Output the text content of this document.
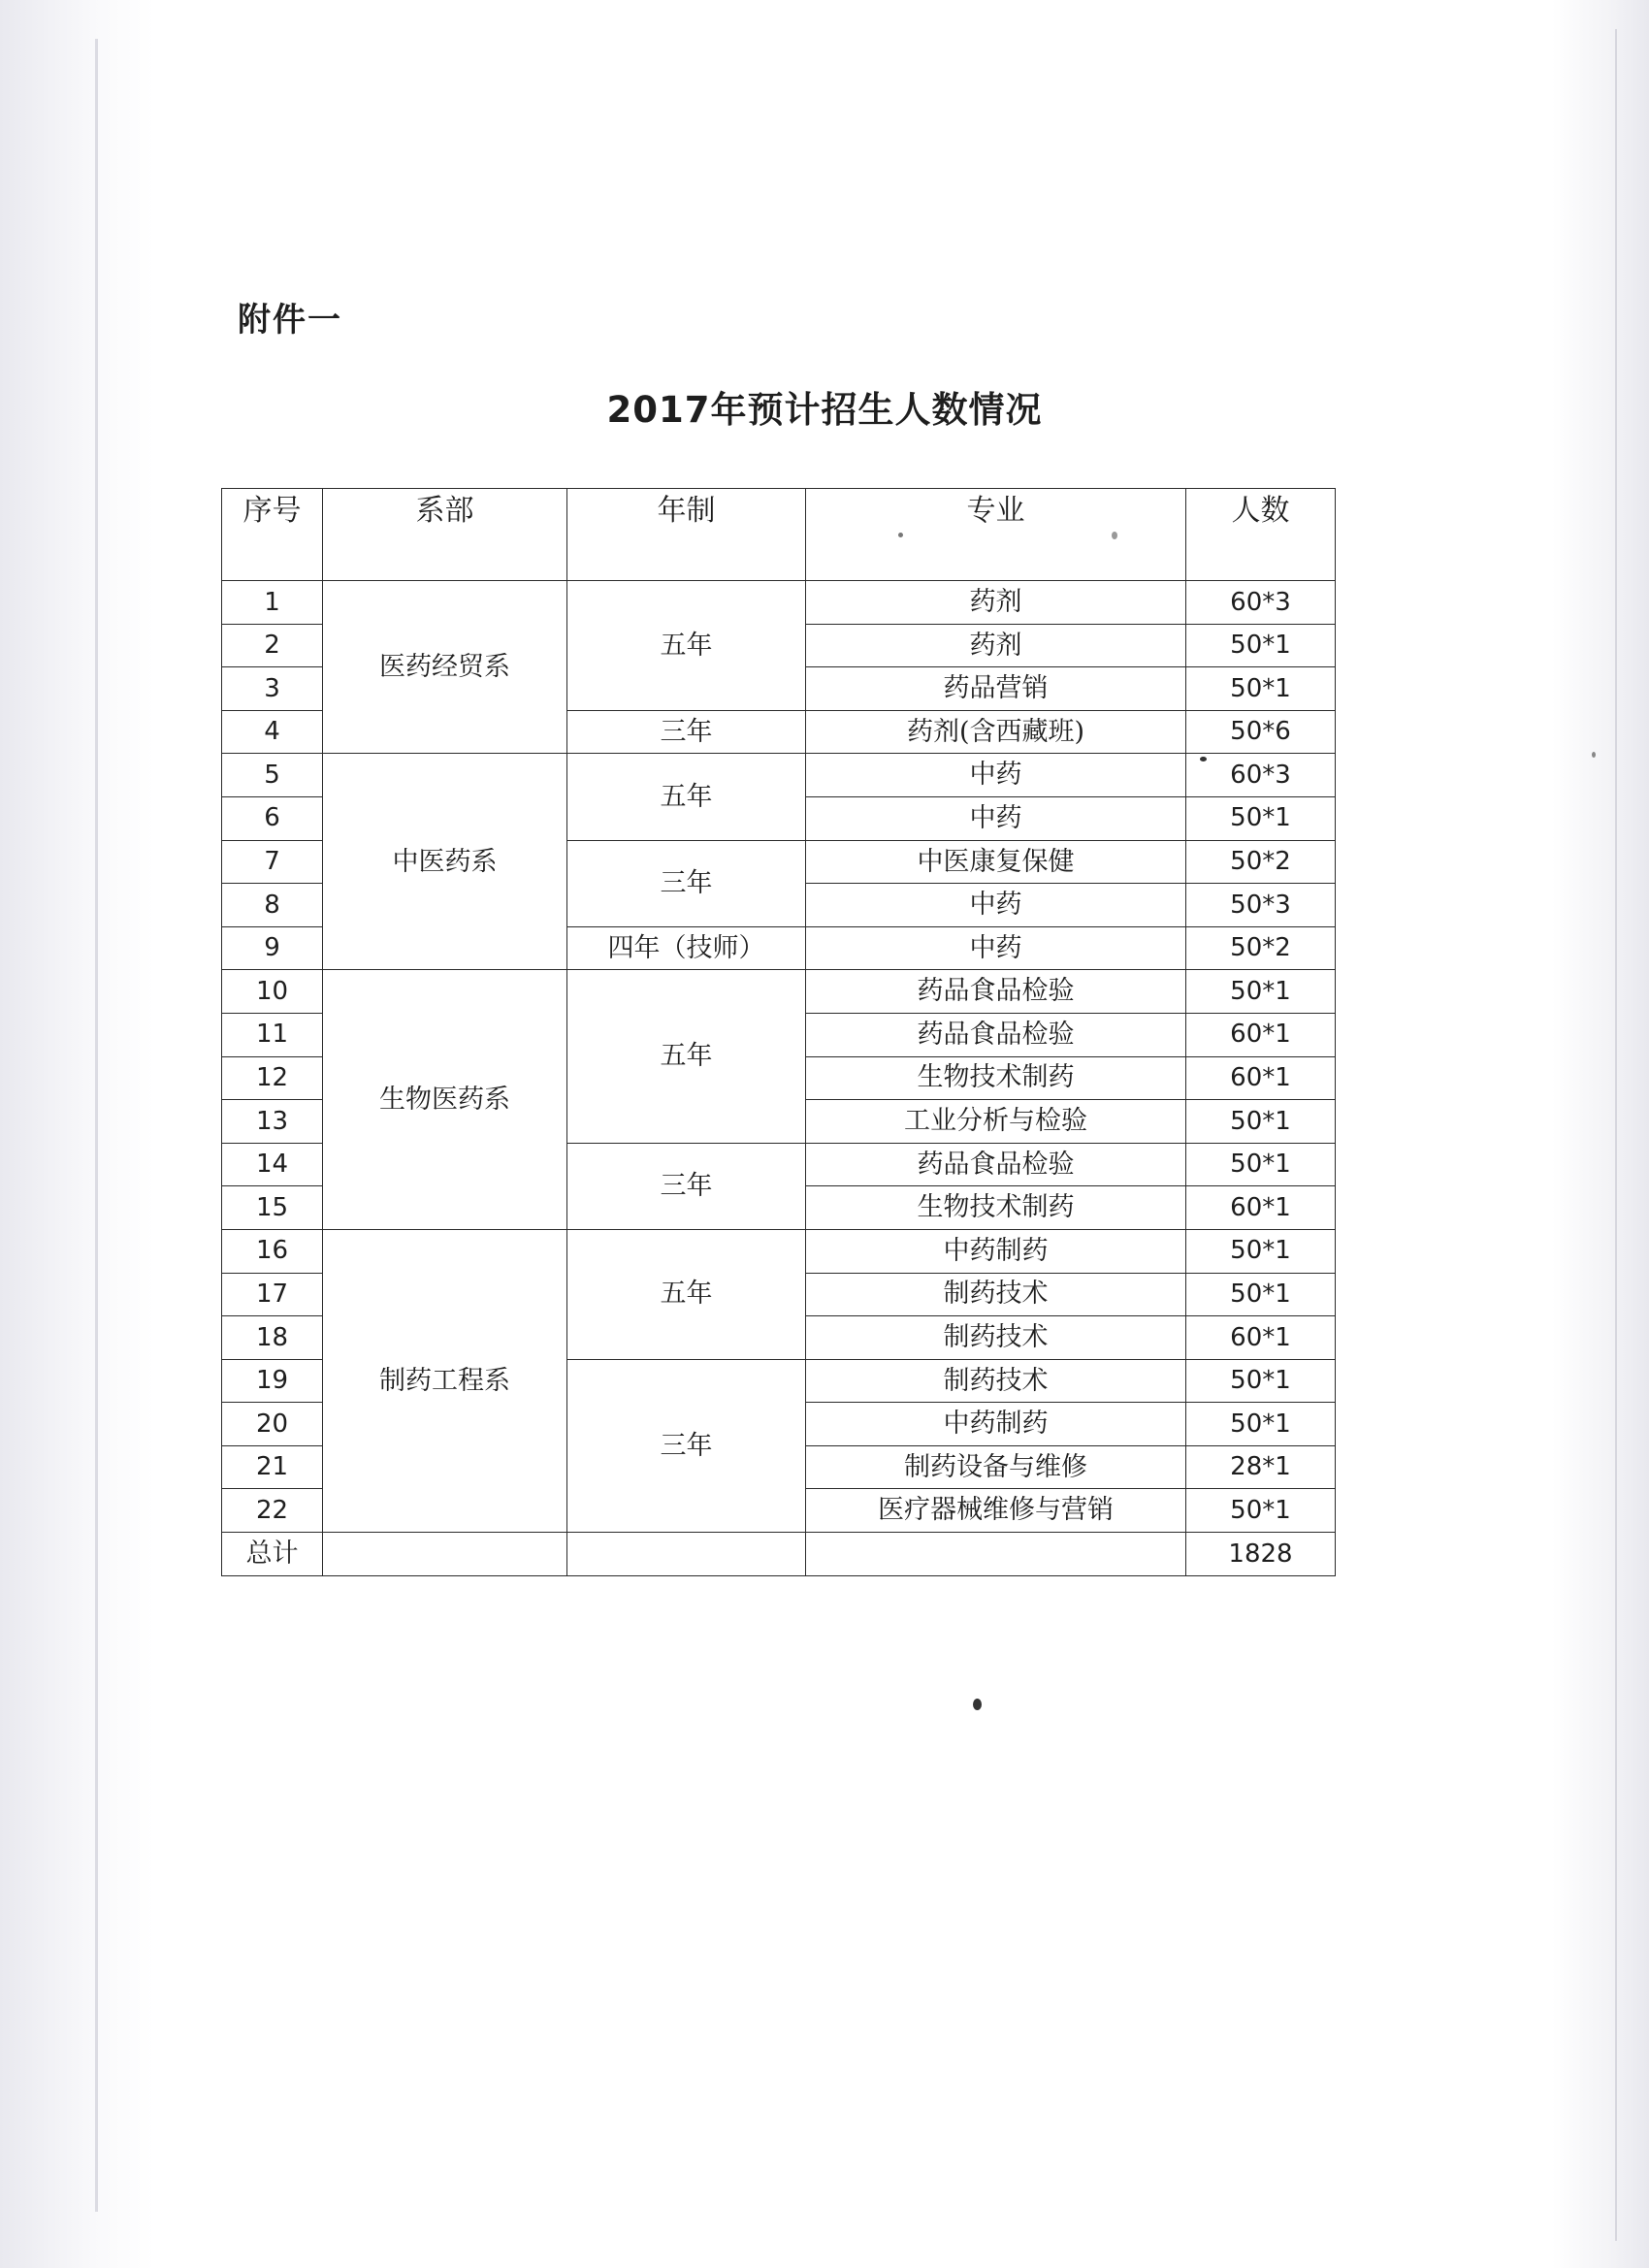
附件一
2017年预计招生人数情况
序号	系部	年制	专业	人数
1	医药经贸系	五年	药剂	60*3
2			药剂	50*1
3			药品营销	50*1
4		三年	药剂(含西藏班)	50*6
5	中医药系	五年	中药	60*3
6			中药	50*1
7		三年	中医康复保健	50*2
8			中药	50*3
9		四年（技师）	中药	50*2
10	生物医药系	五年	药品食品检验	50*1
11			药品食品检验	60*1
12			生物技术制药	60*1
13			工业分析与检验	50*1
14		三年	药品食品检验	50*1
15			生物技术制药	60*1
16	制药工程系	五年	中药制药	50*1
17			制药技术	50*1
18			制药技术	60*1
19		三年	制药技术	50*1
20			中药制药	50*1
21			制药设备与维修	28*1
22			医疗器械维修与营销	50*1
总计				1828
